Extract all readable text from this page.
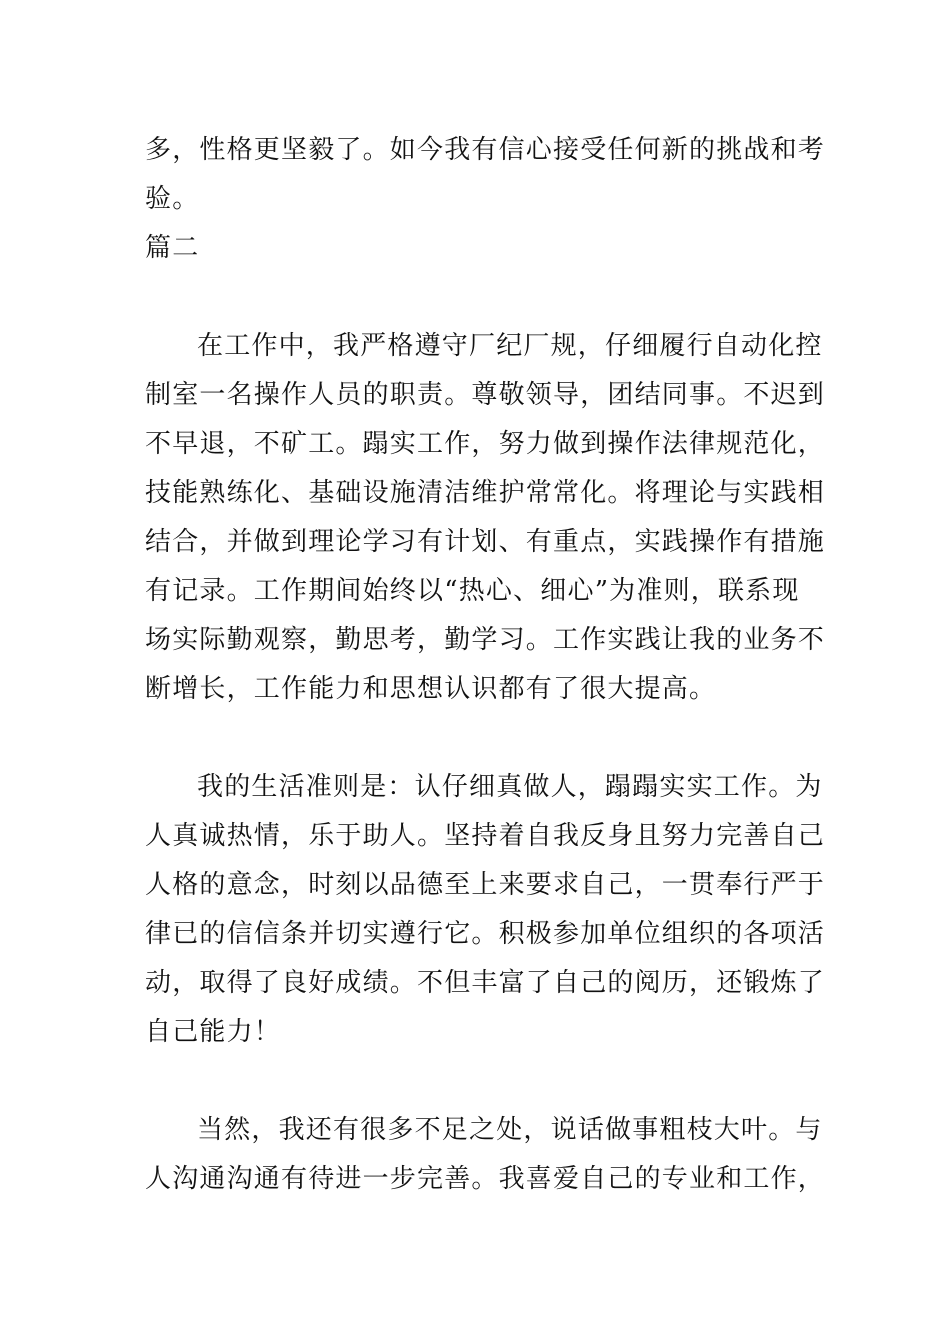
多，性格更坚毅了。如今我有信心接受任何新的挑战和考
验。
篇二
在工作中，我严格遵守厂纪厂规，仔细履行自动化控
制室一名操作人员的职责。尊敬领导，团结同事。不迟到
不早退，不矿工。蹋实工作，努力做到操作法律规范化，
技能熟练化、基础设施清洁维护常常化。将理论与实践相
结合，并做到理论学习有计划、有重点，实践操作有措施
有记录。工作期间始终以“热心、细心”为准则，联系现
场实际勤观察，勤思考，勤学习。工作实践让我的业务不
断增长，工作能力和思想认识都有了很大提高。
我的生活准则是：认仔细真做人，蹋蹋实实工作。为
人真诚热情，乐于助人。坚持着自我反身且努力完善自己
人格的意念，时刻以品德至上来要求自己，一贯奉行严于
律已的信信条并切实遵行它。积极参加单位组织的各项活
动，取得了良好成绩。不但丰富了自己的阅历，还锻炼了
自己能力！
当然，我还有很多不足之处，说话做事粗枝大叶。与
人沟通沟通有待进一步完善。我喜爱自己的专业和工作，
